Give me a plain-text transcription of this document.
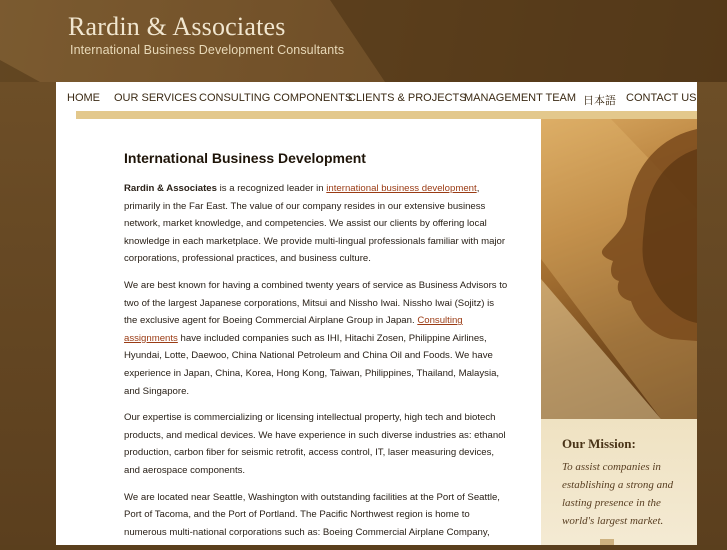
Rardin & Associates
International Business Development Consultants
HOME OUR SERVICES CONSULTING COMPONENTS
CLIENTS & PROJECTS
MANAGEMENT TEAM 日本語 CONTACT US
International Business Development

Rardin & Associates is a recognized leader in international business development, primarily in the Far East. The value of our company resides in our extensive business network, market knowledge, and competencies. We assist our clients by offering local knowledge in each marketplace. We provide multi-lingual professionals familiar with major corporations, professional practices, and business culture.

We are best known for having a combined twenty years of service as Business Advisors to two of the largest Japanese corporations, Mitsui and Nissho Iwai. Nissho Iwai (Sojitz) is the exclusive agent for Boeing Commercial Airplane Group in Japan. Consulting assignments have included companies such as IHI, Hitachi Zosen, Philippine Airlines, Hyundai, Lotte, Daewoo, China National Petroleum and China Oil and Foods. We have experience in Japan, China, Korea, Hong Kong, Taiwan, Philippines, Thailand, Malaysia, and Singapore.

Our expertise is commercializing or licensing intellectual property, high tech and biotech products, and medical devices. We have experience in such diverse industries as: ethanol production, carbon fiber for seismic retrofit, access control, IT, laser measuring devices, and aerospace components.

We are located near Seattle, Washington with outstanding facilities at the Port of Seattle, Port of Tacoma, and the Port of Portland. The Pacific Northwest region is home to numerous multi-national corporations such as: Boeing Commercial Airplane Company,

Our Mission:
To assist companies in establishing a strong and lasting presence in the world's largest market.
